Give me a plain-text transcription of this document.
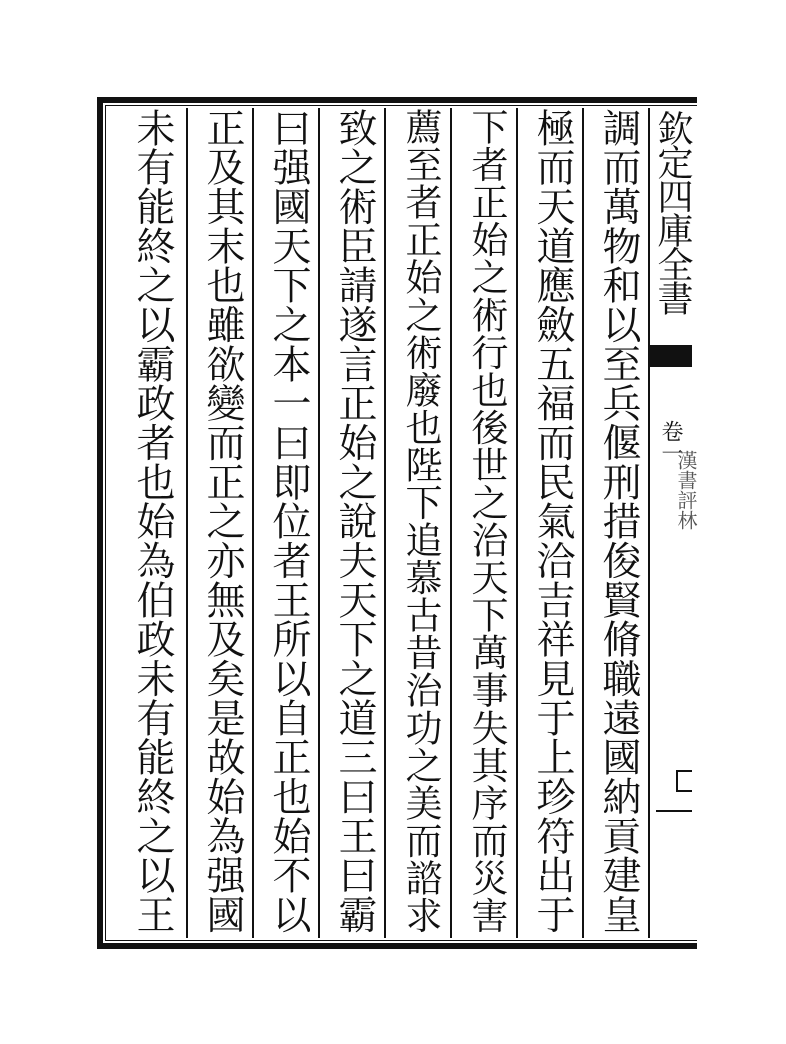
欽定四庫全書
卷一
漢書評林
調而萬物和以至兵偃刑措俊賢脩職遠國納貢建皇
極而天道應斂五福而民氣洽吉祥見于上珍符出于
下者正始之術行也後世之治天下萬事失其序而災害
薦至者正始之術廢也陛下追慕古昔治功之美而諮求
致之術臣請遂言正始之說夫天下之道三曰王曰霸
曰强國天下之本一曰即位者王所以自正也始不以
正及其末也雖欲變而正之亦無及矣是故始為强國
未有能終之以霸政者也始為伯政未有能終之以王
